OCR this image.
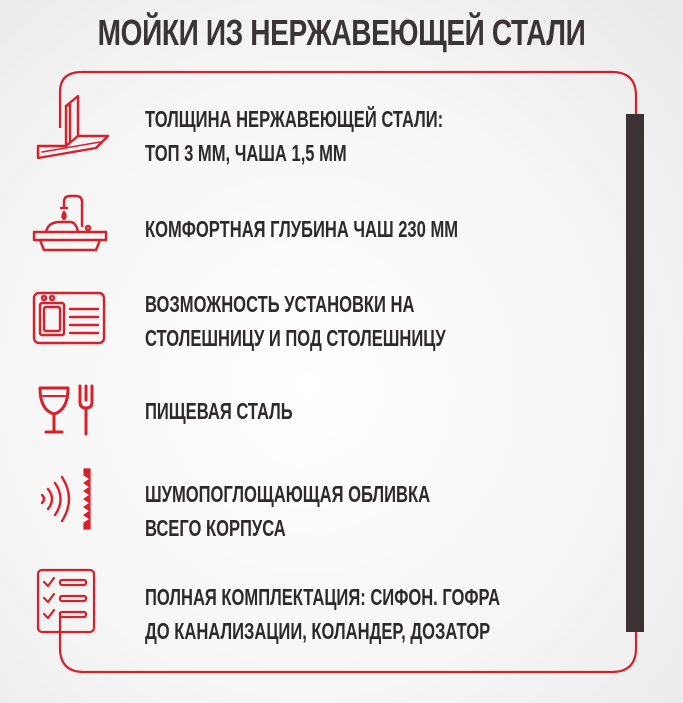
МОЙКИ ИЗ НЕРЖАВЕЮЩЕЙ СТАЛИ
ТОЛЩИНА НЕРЖАВЕЮЩЕЙ СТАЛИ:
ТОП 3 ММ, ЧАША 1,5 ММ
КОМФОРТНАЯ ГЛУБИНА ЧАШ 230 ММ
ВОЗМОЖНОСТЬ УСТАНОВКИ НА
СТОЛЕШНИЦУ И ПОД СТОЛЕШНИЦУ
ПИЩЕВАЯ СТАЛЬ
ШУМОПОГЛОЩАЮЩАЯ ОБЛИВКА
ВСЕГО КОРПУСА
ПОЛНАЯ КОМПЛЕКТАЦИЯ: СИФОН. ГОФРА
ДО КАНАЛИЗАЦИИ, КОЛАНДЕР, ДОЗАТОР
